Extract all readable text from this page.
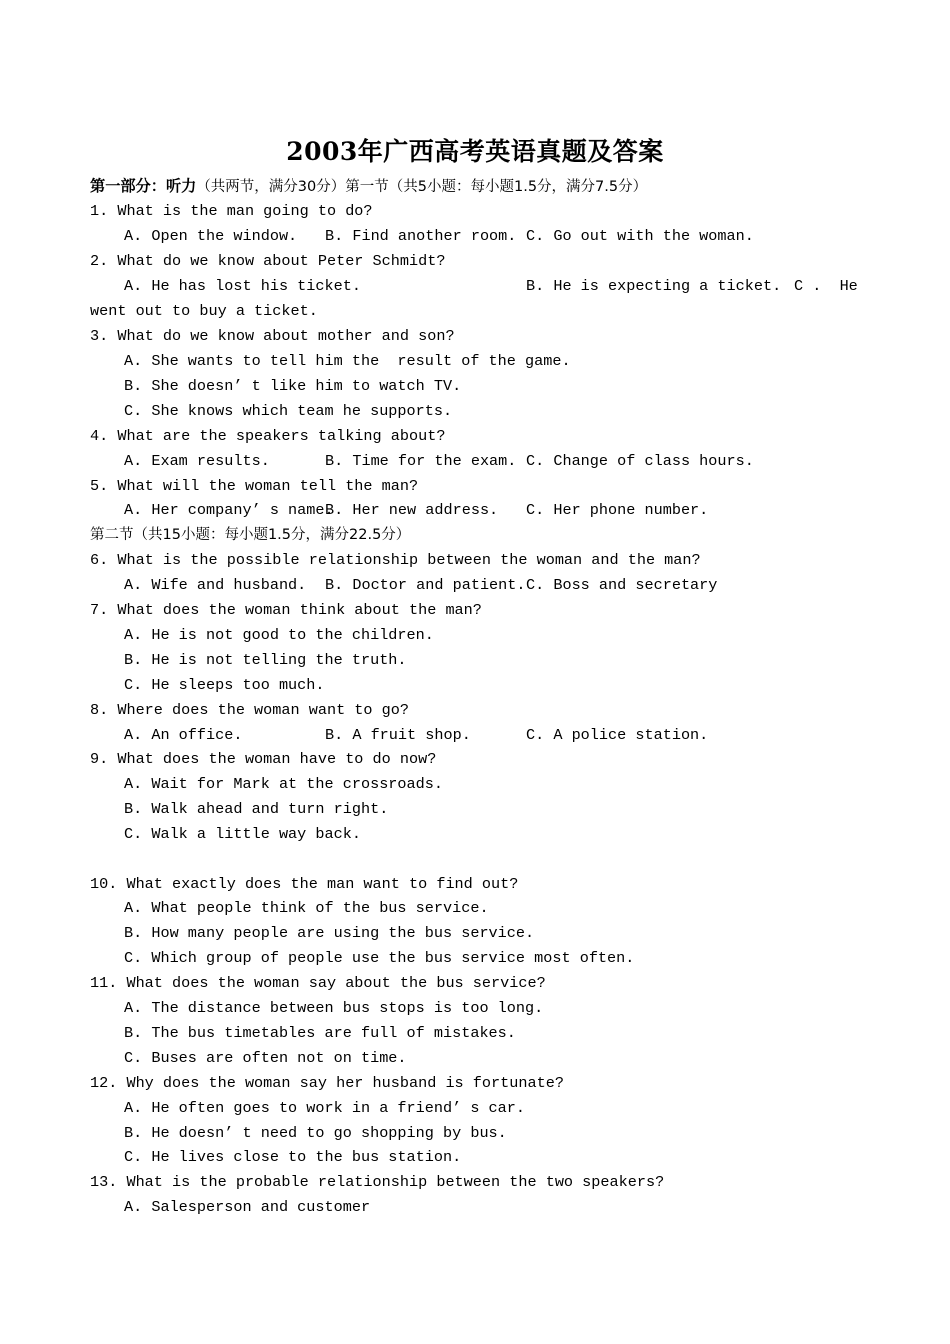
2003年广西高考英语真题及答案
第一部分：听力（共两节，满分30分）第一节（共5小题：每小题1.5分，满分7.5分）
1. What is the man going to do?

A. Open the window.

B. Find another room.

C. Go out with the woman.

2. What do we know about Peter Schmidt?

A. He has lost his ticket.

	B. He is expecting a ticket.

C .  He

went out to buy a ticket.
3. What do we know about mother and son?
A. She wants to tell him the  result of the game.
B. She doesn’ t like him to watch TV.
C. She knows which team he supports.
4. What are the speakers talking about?

A. Exam results.

	B. Time for the exam.

C. Change of class hours.

5. What will the woman tell the man?

A. Her company’ s name.

B. Her new address.

C. Her phone number.

第二节（共15小题：每小题1.5分，满分22.5分）
6. What is the possible relationship between the woman and the man?

A. Wife and husband.

B. Doctor and patient.

C. Boss and secretary

7. What does the woman think about the man?
A. He is not good to the children.
B. He is not telling the truth.
C. He sleeps too much.
8. Where does the woman want to go?

A. An office.

	B. A fruit shop.

	C. A police station.

9. What does the woman have to do now?
A. Wait for Mark at the crossroads.
B. Walk ahead and turn right.
C. Walk a little way back.
10. What exactly does the man want to find out?
A. What people think of the bus service.
B. How many people are using the bus service.
C. Which group of people use the bus service most often.
11. What does the woman say about the bus service?
A. The distance between bus stops is too long.
B. The bus timetables are full of mistakes.
C. Buses are often not on time.
12. Why does the woman say her husband is fortunate?
A. He often goes to work in a friend’ s car.
B. He doesn’ t need to go shopping by bus.
C. He lives close to the bus station.
13. What is the probable relationship between the two speakers?
A. Salesperson and customer
